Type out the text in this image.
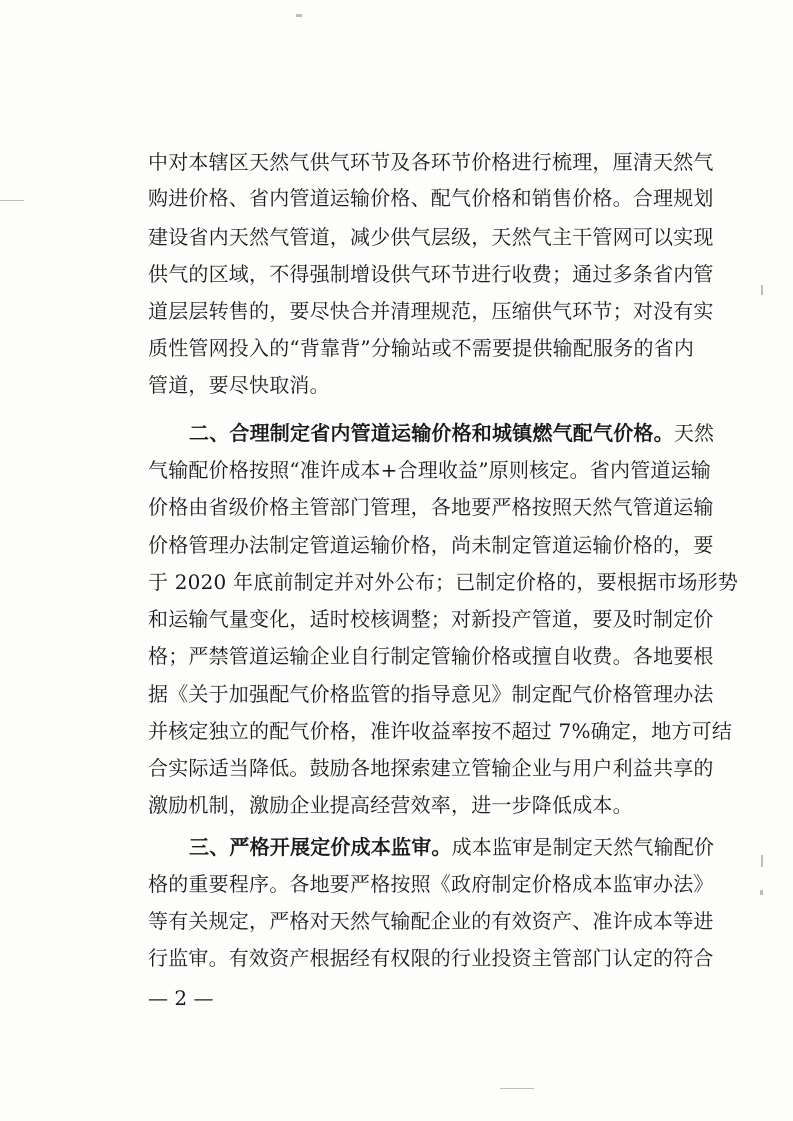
中对本辖区天然气供气环节及各环节价格进行梳理，厘清天然气
购进价格、省内管道运输价格、配气价格和销售价格。合理规划
建设省内天然气管道，减少供气层级，天然气主干管网可以实现
供气的区域，不得强制增设供气环节进行收费；通过多条省内管
道层层转售的，要尽快合并清理规范，压缩供气环节；对没有实
质性管网投入的“背靠背”分输站或不需要提供输配服务的省内
管道，要尽快取消。
二、合理制定省内管道运输价格和城镇燃气配气价格。天然
气输配价格按照“准许成本+合理收益”原则核定。省内管道运输
价格由省级价格主管部门管理，各地要严格按照天然气管道运输
价格管理办法制定管道运输价格，尚未制定管道运输价格的，要
于 2020 年底前制定并对外公布；已制定价格的，要根据市场形势
和运输气量变化，适时校核调整；对新投产管道，要及时制定价
格；严禁管道运输企业自行制定管输价格或擅自收费。各地要根
据《关于加强配气价格监管的指导意见》制定配气价格管理办法
并核定独立的配气价格，准许收益率按不超过 7%确定，地方可结
合实际适当降低。鼓励各地探索建立管输企业与用户利益共享的
激励机制，激励企业提高经营效率，进一步降低成本。
三、严格开展定价成本监审。成本监审是制定天然气输配价
格的重要程序。各地要严格按照《政府制定价格成本监审办法》
等有关规定，严格对天然气输配企业的有效资产、准许成本等进
行监审。有效资产根据经有权限的行业投资主管部门认定的符合
— 2 —
